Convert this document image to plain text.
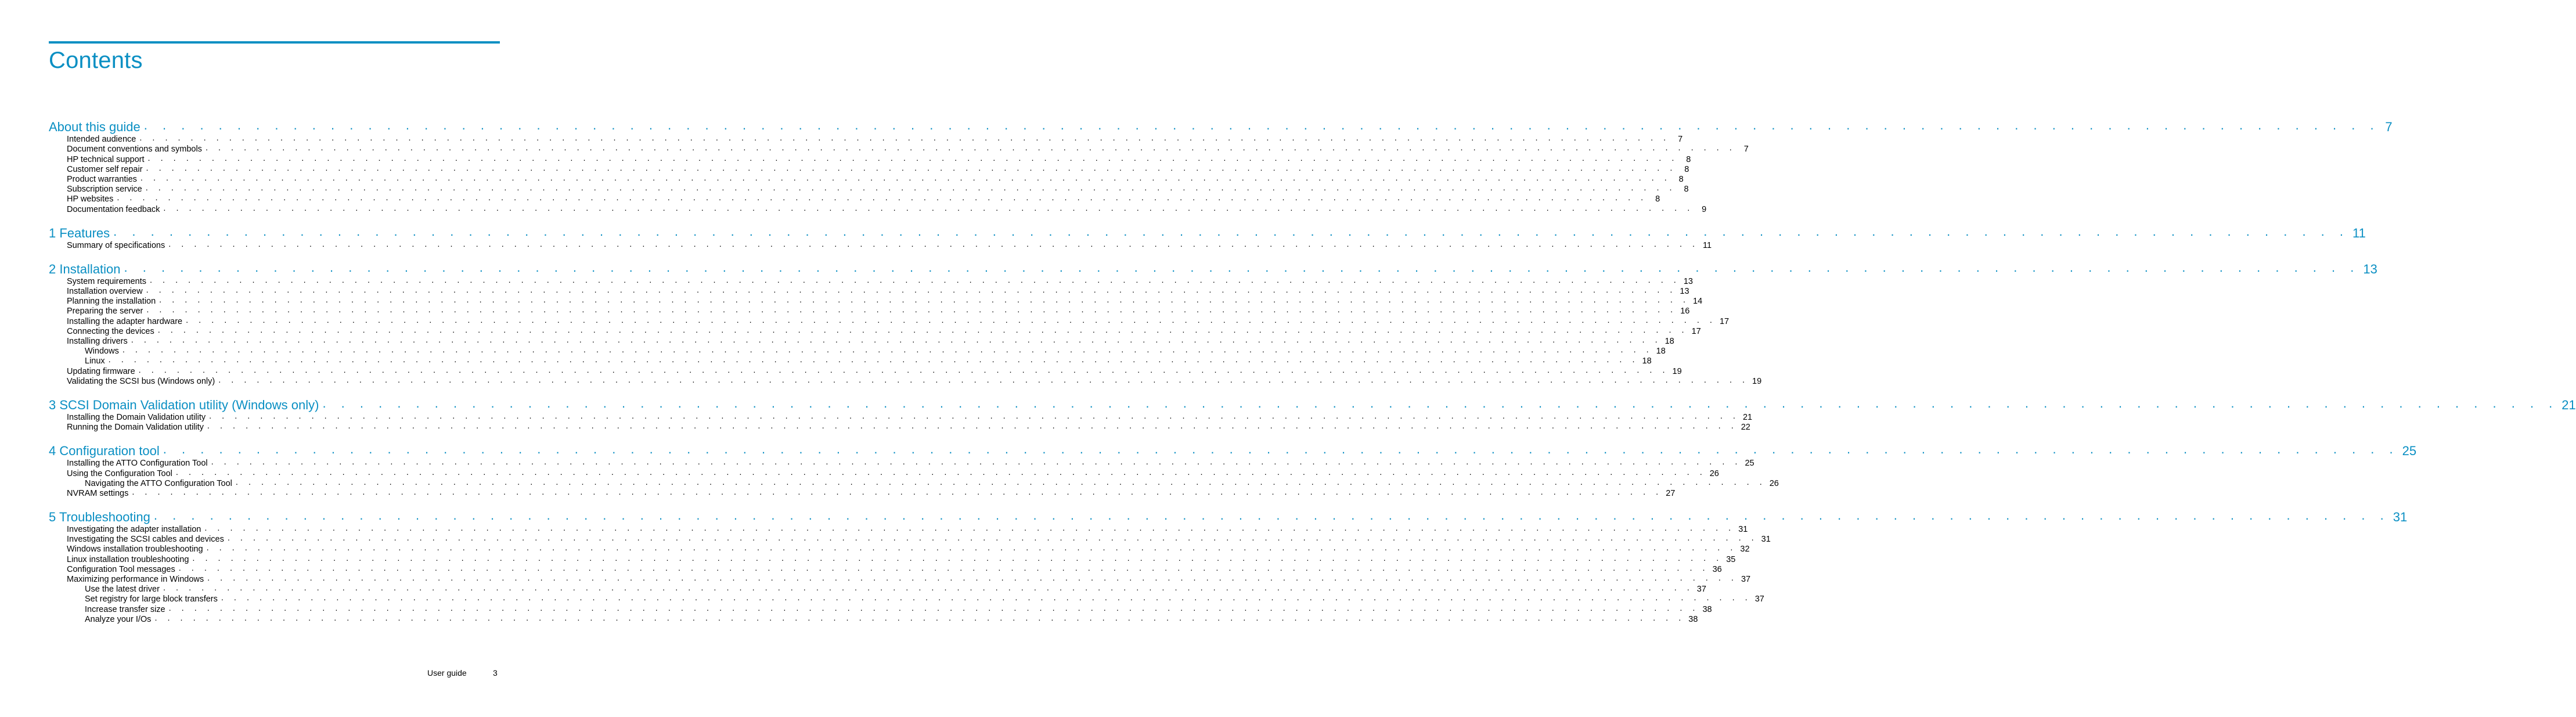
Contents
About this guide . . . . . . . . . . . . . . . . . . . . . . . . . . . . . . . . . . . . . . . . . . . . . . . . . . . . . . . . . . . . . . . . . . . . . . . . . . . . . . . . . . . . . . . . . . . . . . . . . . . . . . . . . . . . . . . . . . . . . . . . 7
Intended audience . . . . . . . . . . . . . . . . . . . . . . . . . . . . . . . . . . . . . . . . . . . . . . . . . . . . . . . . . . . . . . . . . . . . . . . . . . . . . . . . . . . . . . . . . . . . . . . . . . . . . . . . . . . . . . . . . . . . . . . . 7
Document conventions and symbols . . . . . . . . . . . . . . . . . . . . . . . . . . . . . . . . . . . . . . . . . . . . . . . . . . . . . . . . . . . . . . . . . . . . . . . . . . . . . . . . . . . . . . . . . . . . . . . . . . . . . . . . . . . . . . . . . . . . . . . . 7
HP technical support . . . . . . . . . . . . . . . . . . . . . . . . . . . . . . . . . . . . . . . . . . . . . . . . . . . . . . . . . . . . . . . . . . . . . . . . . . . . . . . . . . . . . . . . . . . . . . . . . . . . . . . . . . . . . . . . . . . . . . . . 8
Customer self repair . . . . . . . . . . . . . . . . . . . . . . . . . . . . . . . . . . . . . . . . . . . . . . . . . . . . . . . . . . . . . . . . . . . . . . . . . . . . . . . . . . . . . . . . . . . . . . . . . . . . . . . . . . . . . . . . . . . . . . . . 8
Product warranties . . . . . . . . . . . . . . . . . . . . . . . . . . . . . . . . . . . . . . . . . . . . . . . . . . . . . . . . . . . . . . . . . . . . . . . . . . . . . . . . . . . . . . . . . . . . . . . . . . . . . . . . . . . . . . . . . . . . . . . . 8
Subscription service . . . . . . . . . . . . . . . . . . . . . . . . . . . . . . . . . . . . . . . . . . . . . . . . . . . . . . . . . . . . . . . . . . . . . . . . . . . . . . . . . . . . . . . . . . . . . . . . . . . . . . . . . . . . . . . . . . . . . . . . 8
HP websites . . . . . . . . . . . . . . . . . . . . . . . . . . . . . . . . . . . . . . . . . . . . . . . . . . . . . . . . . . . . . . . . . . . . . . . . . . . . . . . . . . . . . . . . . . . . . . . . . . . . . . . . . . . . . . . . . . . . . . . . 8
Documentation feedback . . . . . . . . . . . . . . . . . . . . . . . . . . . . . . . . . . . . . . . . . . . . . . . . . . . . . . . . . . . . . . . . . . . . . . . . . . . . . . . . . . . . . . . . . . . . . . . . . . . . . . . . . . . . . . . . . . . . . . . . 9
1 Features . . . . . . . . . . . . . . . . . . . . . . . . . . . . . . . . . . . . . . . . . . . . . . . . . . . . . . . . . . . . . . . . . . . . . . . . . . . . . . . . . . . . . . . . . . . . . . . . . . . . . . . . . . . . . . . . . . . . . . . . 11
Summary of specifications . . . . . . . . . . . . . . . . . . . . . . . . . . . . . . . . . . . . . . . . . . . . . . . . . . . . . . . . . . . . . . . . . . . . . . . . . . . . . . . . . . . . . . . . . . . . . . . . . . . . . . . . . . . . . . . . . . . . . . . . 11
2 Installation . . . . . . . . . . . . . . . . . . . . . . . . . . . . . . . . . . . . . . . . . . . . . . . . . . . . . . . . . . . . . . . . . . . . . . . . . . . . . . . . . . . . . . . . . . . . . . . . . . . . . . . . . . . . . . . . . . . . . . . . 13
System requirements . . . . . . . . . . . . . . . . . . . . . . . . . . . . . . . . . . . . . . . . . . . . . . . . . . . . . . . . . . . . . . . . . . . . . . . . . . . . . . . . . . . . . . . . . . . . . . . . . . . . . . . . . . . . . . . . . . . . . . . . 13
Installation overview . . . . . . . . . . . . . . . . . . . . . . . . . . . . . . . . . . . . . . . . . . . . . . . . . . . . . . . . . . . . . . . . . . . . . . . . . . . . . . . . . . . . . . . . . . . . . . . . . . . . . . . . . . . . . . . . . . . . . . . . 13
Planning the installation . . . . . . . . . . . . . . . . . . . . . . . . . . . . . . . . . . . . . . . . . . . . . . . . . . . . . . . . . . . . . . . . . . . . . . . . . . . . . . . . . . . . . . . . . . . . . . . . . . . . . . . . . . . . . . . . . . . . . . . . 14
Preparing the server . . . . . . . . . . . . . . . . . . . . . . . . . . . . . . . . . . . . . . . . . . . . . . . . . . . . . . . . . . . . . . . . . . . . . . . . . . . . . . . . . . . . . . . . . . . . . . . . . . . . . . . . . . . . . . . . . . . . . . . . 16
Installing the adapter hardware . . . . . . . . . . . . . . . . . . . . . . . . . . . . . . . . . . . . . . . . . . . . . . . . . . . . . . . . . . . . . . . . . . . . . . . . . . . . . . . . . . . . . . . . . . . . . . . . . . . . . . . . . . . . . . . . . . . . . . . . 17
Connecting the devices . . . . . . . . . . . . . . . . . . . . . . . . . . . . . . . . . . . . . . . . . . . . . . . . . . . . . . . . . . . . . . . . . . . . . . . . . . . . . . . . . . . . . . . . . . . . . . . . . . . . . . . . . . . . . . . . . . . . . . . . 17
Installing drivers . . . . . . . . . . . . . . . . . . . . . . . . . . . . . . . . . . . . . . . . . . . . . . . . . . . . . . . . . . . . . . . . . . . . . . . . . . . . . . . . . . . . . . . . . . . . . . . . . . . . . . . . . . . . . . . . . . . . . . . . 18
Windows . . . . . . . . . . . . . . . . . . . . . . . . . . . . . . . . . . . . . . . . . . . . . . . . . . . . . . . . . . . . . . . . . . . . . . . . . . . . . . . . . . . . . . . . . . . . . . . . . . . . . . . . . . . . . . . . . . . . . . . . 18
Linux . . . . . . . . . . . . . . . . . . . . . . . . . . . . . . . . . . . . . . . . . . . . . . . . . . . . . . . . . . . . . . . . . . . . . . . . . . . . . . . . . . . . . . . . . . . . . . . . . . . . . . . . . . . . . . . . . . . . . . . . 18
Updating firmware . . . . . . . . . . . . . . . . . . . . . . . . . . . . . . . . . . . . . . . . . . . . . . . . . . . . . . . . . . . . . . . . . . . . . . . . . . . . . . . . . . . . . . . . . . . . . . . . . . . . . . . . . . . . . . . . . . . . . . . . 19
Validating the SCSI bus (Windows only) . . . . . . . . . . . . . . . . . . . . . . . . . . . . . . . . . . . . . . . . . . . . . . . . . . . . . . . . . . . . . . . . . . . . . . . . . . . . . . . . . . . . . . . . . . . . . . . . . . . . . . . . . . . . . . . . . . . . . . . . 19
3 SCSI Domain Validation utility (Windows only) . . . . . . . . . . . . . . . . . . . . . . . . . . . . . . . . . . . . . . . . . . . . . . . . . . . . . . . . . . . . . . . . . . . . . . . . . . . . . . . . . . . . . . . . . . . . . . . . . . . . . . . . . . . . . . . . . . . . . . . . 21
Installing the Domain Validation utility . . . . . . . . . . . . . . . . . . . . . . . . . . . . . . . . . . . . . . . . . . . . . . . . . . . . . . . . . . . . . . . . . . . . . . . . . . . . . . . . . . . . . . . . . . . . . . . . . . . . . . . . . . . . . . . . . . . . . . . . 21
Running the Domain Validation utility . . . . . . . . . . . . . . . . . . . . . . . . . . . . . . . . . . . . . . . . . . . . . . . . . . . . . . . . . . . . . . . . . . . . . . . . . . . . . . . . . . . . . . . . . . . . . . . . . . . . . . . . . . . . . . . . . . . . . . . . 22
4 Configuration tool . . . . . . . . . . . . . . . . . . . . . . . . . . . . . . . . . . . . . . . . . . . . . . . . . . . . . . . . . . . . . . . . . . . . . . . . . . . . . . . . . . . . . . . . . . . . . . . . . . . . . . . . . . . . . . . . . . . . . . . . 25
Installing the ATTO Configuration Tool . . . . . . . . . . . . . . . . . . . . . . . . . . . . . . . . . . . . . . . . . . . . . . . . . . . . . . . . . . . . . . . . . . . . . . . . . . . . . . . . . . . . . . . . . . . . . . . . . . . . . . . . . . . . . . . . . . . . . . . . 25
Using the Configuration Tool . . . . . . . . . . . . . . . . . . . . . . . . . . . . . . . . . . . . . . . . . . . . . . . . . . . . . . . . . . . . . . . . . . . . . . . . . . . . . . . . . . . . . . . . . . . . . . . . . . . . . . . . . . . . . . . . . . . . . . . . 26
Navigating the ATTO Configuration Tool . . . . . . . . . . . . . . . . . . . . . . . . . . . . . . . . . . . . . . . . . . . . . . . . . . . . . . . . . . . . . . . . . . . . . . . . . . . . . . . . . . . . . . . . . . . . . . . . . . . . . . . . . . . . . . . . . . . . . . . . 26
NVRAM settings . . . . . . . . . . . . . . . . . . . . . . . . . . . . . . . . . . . . . . . . . . . . . . . . . . . . . . . . . . . . . . . . . . . . . . . . . . . . . . . . . . . . . . . . . . . . . . . . . . . . . . . . . . . . . . . . . . . . . . . . 27
5 Troubleshooting . . . . . . . . . . . . . . . . . . . . . . . . . . . . . . . . . . . . . . . . . . . . . . . . . . . . . . . . . . . . . . . . . . . . . . . . . . . . . . . . . . . . . . . . . . . . . . . . . . . . . . . . . . . . . . . . . . . . . . . . 31
Investigating the adapter installation . . . . . . . . . . . . . . . . . . . . . . . . . . . . . . . . . . . . . . . . . . . . . . . . . . . . . . . . . . . . . . . . . . . . . . . . . . . . . . . . . . . . . . . . . . . . . . . . . . . . . . . . . . . . . . . . . . . . . . . . 31
Investigating the SCSI cables and devices . . . . . . . . . . . . . . . . . . . . . . . . . . . . . . . . . . . . . . . . . . . . . . . . . . . . . . . . . . . . . . . . . . . . . . . . . . . . . . . . . . . . . . . . . . . . . . . . . . . . . . . . . . . . . . . . . . . . . . . . 31
Windows installation troubleshooting . . . . . . . . . . . . . . . . . . . . . . . . . . . . . . . . . . . . . . . . . . . . . . . . . . . . . . . . . . . . . . . . . . . . . . . . . . . . . . . . . . . . . . . . . . . . . . . . . . . . . . . . . . . . . . . . . . . . . . . . 32
Linux installation troubleshooting . . . . . . . . . . . . . . . . . . . . . . . . . . . . . . . . . . . . . . . . . . . . . . . . . . . . . . . . . . . . . . . . . . . . . . . . . . . . . . . . . . . . . . . . . . . . . . . . . . . . . . . . . . . . . . . . . . . . . . . . 35
Configuration Tool messages . . . . . . . . . . . . . . . . . . . . . . . . . . . . . . . . . . . . . . . . . . . . . . . . . . . . . . . . . . . . . . . . . . . . . . . . . . . . . . . . . . . . . . . . . . . . . . . . . . . . . . . . . . . . . . . . . . . . . . . . 36
Maximizing performance in Windows . . . . . . . . . . . . . . . . . . . . . . . . . . . . . . . . . . . . . . . . . . . . . . . . . . . . . . . . . . . . . . . . . . . . . . . . . . . . . . . . . . . . . . . . . . . . . . . . . . . . . . . . . . . . . . . . . . . . . . . . 37
Use the latest driver . . . . . . . . . . . . . . . . . . . . . . . . . . . . . . . . . . . . . . . . . . . . . . . . . . . . . . . . . . . . . . . . . . . . . . . . . . . . . . . . . . . . . . . . . . . . . . . . . . . . . . . . . . . . . . . . . . . . . . . . 37
Set registry for large block transfers . . . . . . . . . . . . . . . . . . . . . . . . . . . . . . . . . . . . . . . . . . . . . . . . . . . . . . . . . . . . . . . . . . . . . . . . . . . . . . . . . . . . . . . . . . . . . . . . . . . . . . . . . . . . . . . . . . . . . . . . 37
Increase transfer size . . . . . . . . . . . . . . . . . . . . . . . . . . . . . . . . . . . . . . . . . . . . . . . . . . . . . . . . . . . . . . . . . . . . . . . . . . . . . . . . . . . . . . . . . . . . . . . . . . . . . . . . . . . . . . . . . . . . . . . . 38
Analyze your I/Os . . . . . . . . . . . . . . . . . . . . . . . . . . . . . . . . . . . . . . . . . . . . . . . . . . . . . . . . . . . . . . . . . . . . . . . . . . . . . . . . . . . . . . . . . . . . . . . . . . . . . . . . . . . . . . . . . . . . . . . . 38
User guide	3
